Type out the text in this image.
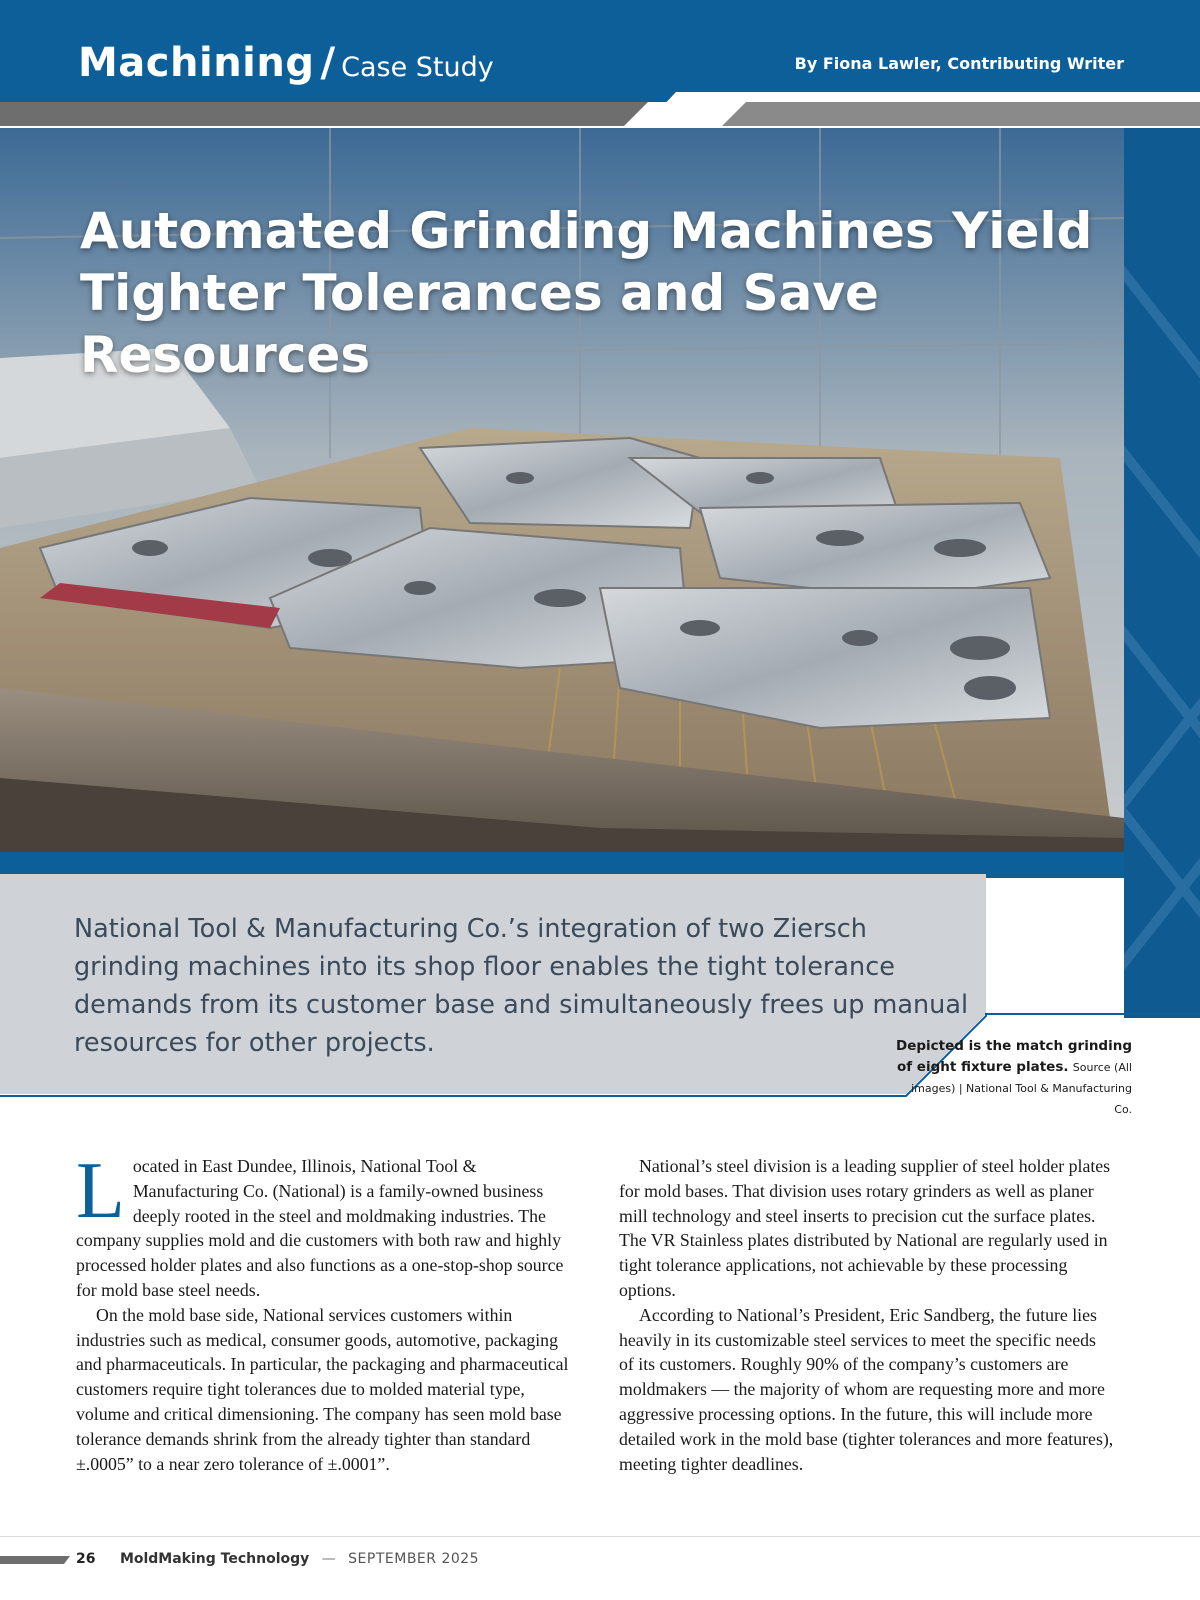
Machining / Case Study	By Fiona Lawler, Contributing Writer
Automated Grinding Machines Yield
Tighter Tolerances and Save Resources
National Tool & Manufacturing Co.’s integration of two Ziersch grinding machines into its shop floor enables the tight tolerance demands from its customer base and simultaneously frees up manual resources for other projects.	Depicted is the match grinding of eight fixture plates. Source (All images) | National Tool & Manufacturing Co.

Located in East Dundee, Illinois, National Tool & Manufacturing Co. (National) is a family-owned business deeply rooted in the steel and moldmaking industries. The company supplies mold and die customers with both raw and highly processed holder plates and also functions as a one-stop-shop source for mold base steel needs.

On the mold base side, National services customers within industries such as medical, consumer goods, automotive, packaging and pharmaceuticals. In particular, the packaging and pharmaceutical customers require tight tolerances due to molded material type, volume and critical dimensioning. The company has seen mold base tolerance demands shrink from the already tighter than standard ±.0005” to a near zero tolerance of ±.0001”.

National’s steel division is a leading supplier of steel holder plates for mold bases. That division uses rotary grinders as well as planer mill technology and steel inserts to precision cut the surface plates. The VR Stainless plates distributed by National are regularly used in tight tolerance applications, not achievable by these processing options.

According to National’s President, Eric Sandberg, the future lies heavily in its customizable steel services to meet the specific needs of its customers. Roughly 90% of the company’s customers are moldmakers — the majority of whom are requesting more and more aggressive processing options. In the future, this will include more detailed work in the mold base (tighter tolerances and more features), meeting tighter deadlines.

26 MoldMaking Technology — SEPTEMBER 2025
